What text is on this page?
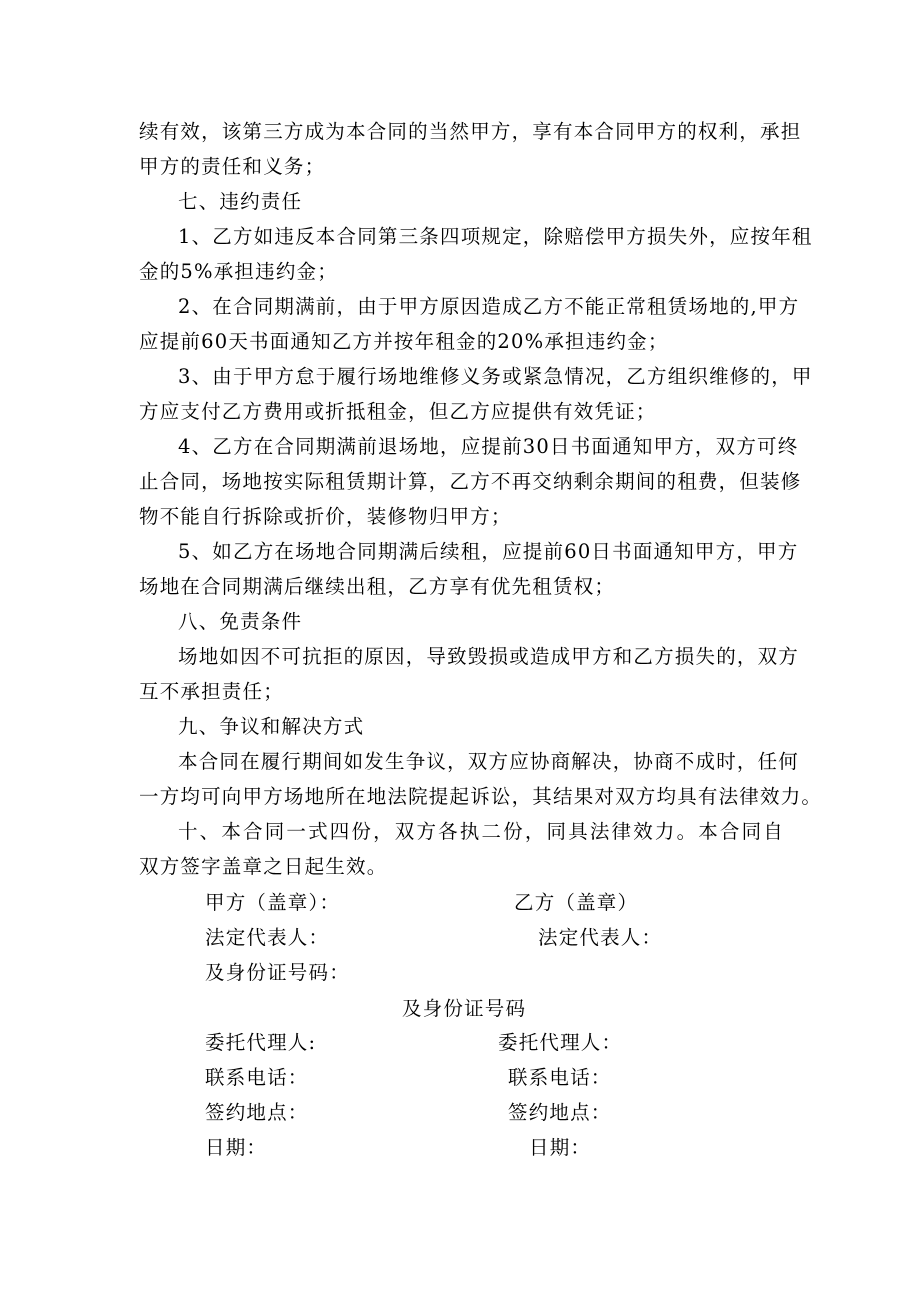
续有效，该第三方成为本合同的当然甲方，享有本合同甲方的权利，承担

甲方的责任和义务；

七、违约责任

1、乙方如违反本合同第三条四项规定，除赔偿甲方损失外，应按年租

金的5%承担违约金；

2、在合同期满前，由于甲方原因造成乙方不能正常租赁场地的,甲方

应提前60天书面通知乙方并按年租金的20%承担违约金；

3、由于甲方怠于履行场地维修义务或紧急情况，乙方组织维修的，甲

方应支付乙方费用或折抵租金，但乙方应提供有效凭证；

4、乙方在合同期满前退场地，应提前30日书面通知甲方，双方可终

止合同，场地按实际租赁期计算，乙方不再交纳剩余期间的租费，但装修

物不能自行拆除或折价，装修物归甲方；

5、如乙方在场地合同期满后续租，应提前60日书面通知甲方，甲方

场地在合同期满后继续出租，乙方享有优先租赁权；

八、免责条件

场地如因不可抗拒的原因，导致毁损或造成甲方和乙方损失的，双方

互不承担责任；

九、争议和解决方式

本合同在履行期间如发生争议，双方应协商解决，协商不成时，任何

一方均可向甲方场地所在地法院提起诉讼，其结果对双方均具有法律效力。

十、本合同一式四份，双方各执二份，同具法律效力。本合同自

双方签字盖章之日起生效。

甲方（盖章）：	乙方（盖章）

法定代表人：	法定代表人：

及身份证号码：

及身份证号码

委托代理人:	委托代理人：

联系电话：	联系电话：

签约地点：	签约地点：

日期：	日期：
